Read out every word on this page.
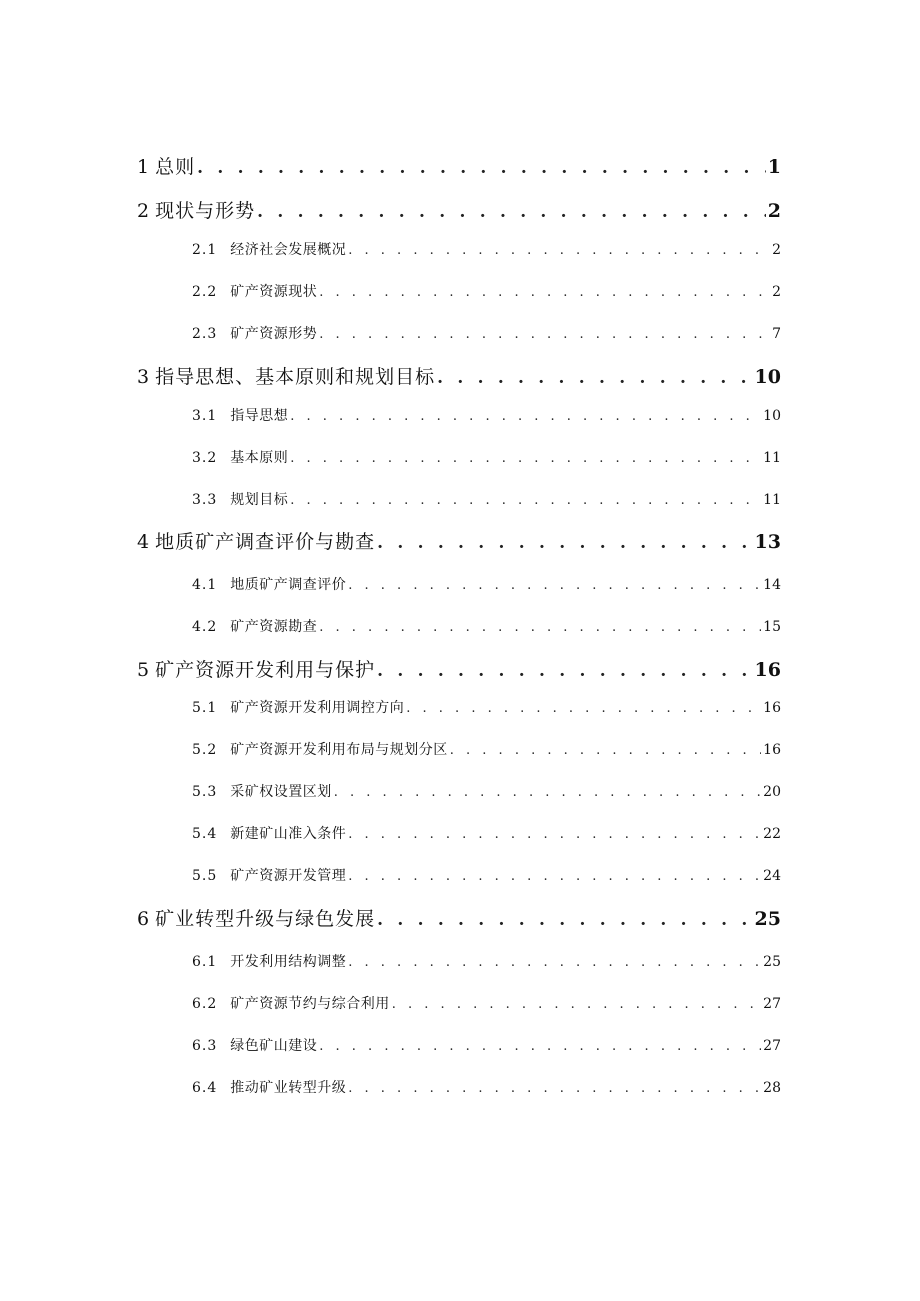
1 总则 . . .	1
2 现状与形势 . . .	2
2.1 经济社会发展概况 . . .	2
2.2 矿产资源现状 . . .	2
2.3 矿产资源形势 . . .	7
3 指导思想、基本原则和规划目标 . . .	10
3.1 指导思想 . . .	10
3.2 基本原则 . . .	11
3.3 规划目标 . . .	11
4 地质矿产调查评价与勘查 . . .	13
4.1 地质矿产调查评价 . . .	14
4.2 矿产资源勘查 . . .	15
5 矿产资源开发利用与保护 . . .	16
5.1 矿产资源开发利用调控方向 . . .	16
5.2 矿产资源开发利用布局与规划分区 . . .	16
5.3 采矿权设置区划 . . .	20
5.4 新建矿山准入条件 . . .	22
5.5 矿产资源开发管理 . . .	24
6 矿业转型升级与绿色发展 . . .	25
6.1 开发利用结构调整 . . .	25
6.2 矿产资源节约与综合利用 . . .	27
6.3 绿色矿山建设 . . .	27
6.4 推动矿业转型升级 . . .	28
